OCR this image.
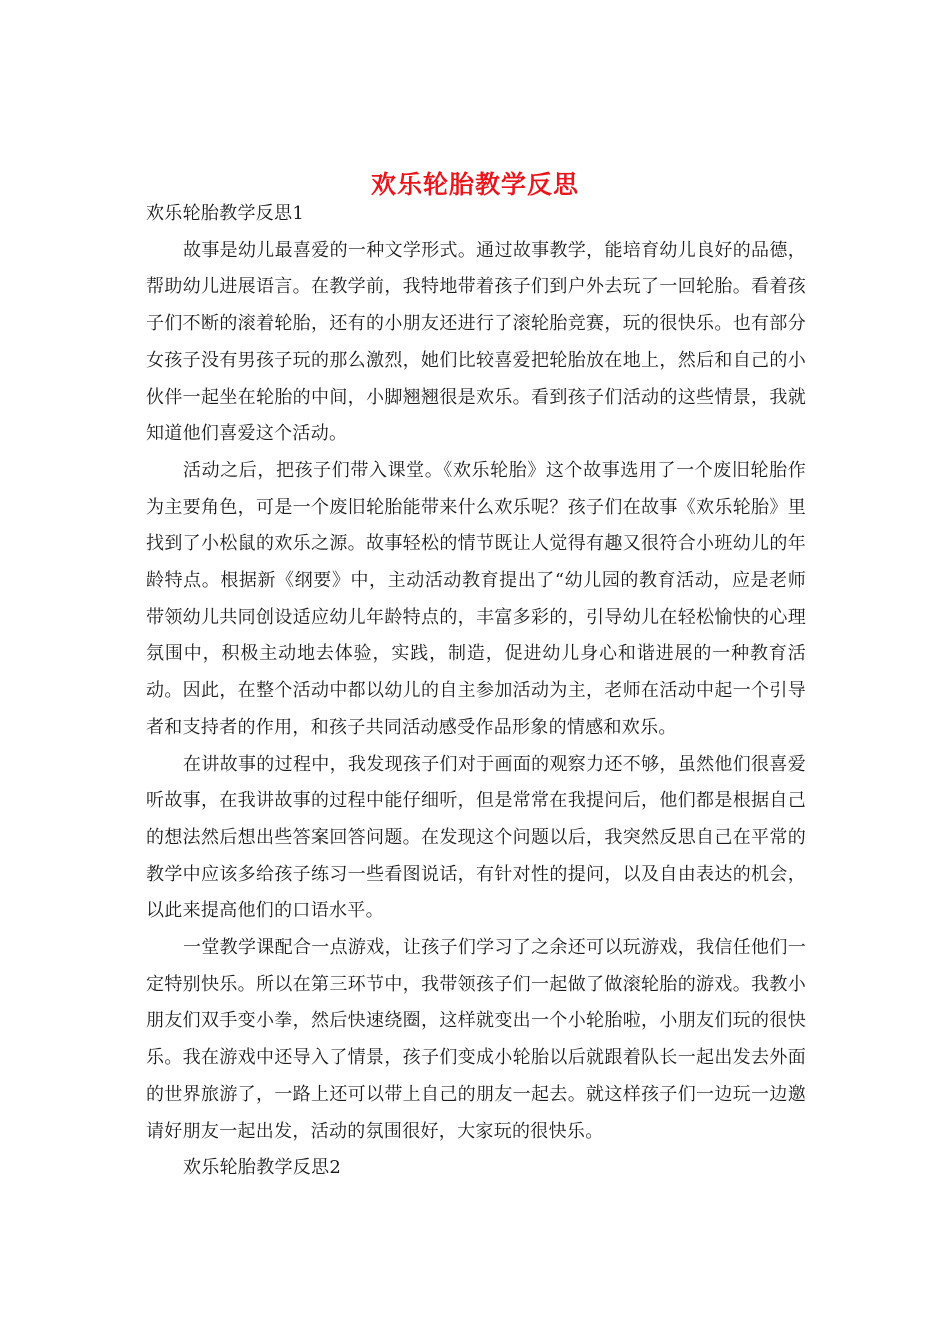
欢乐轮胎教学反思

欢乐轮胎教学反思1

故事是幼儿最喜爱的一种文学形式。通过故事教学，能培育幼儿良好的品德，帮助幼儿进展语言。在教学前，我特地带着孩子们到户外去玩了一回轮胎。看着孩子们不断的滚着轮胎，还有的小朋友还进行了滚轮胎竞赛，玩的很快乐。也有部分女孩子没有男孩子玩的那么激烈，她们比较喜爱把轮胎放在地上，然后和自己的小伙伴一起坐在轮胎的中间，小脚翘翘很是欢乐。看到孩子们活动的这些情景，我就知道他们喜爱这个活动。

活动之后，把孩子们带入课堂。《欢乐轮胎》这个故事选用了一个废旧轮胎作为主要角色，可是一个废旧轮胎能带来什么欢乐呢？孩子们在故事《欢乐轮胎》里找到了小松鼠的欢乐之源。故事轻松的情节既让人觉得有趣又很符合小班幼儿的年龄特点。根据新《纲要》中，主动活动教育提出了“幼儿园的教育活动，应是老师带领幼儿共同创设适应幼儿年龄特点的，丰富多彩的，引导幼儿在轻松愉快的心理氛围中，积极主动地去体验，实践，制造，促进幼儿身心和谐进展的一种教育活动。因此，在整个活动中都以幼儿的自主参加活动为主，老师在活动中起一个引导者和支持者的作用，和孩子共同活动感受作品形象的情感和欢乐。

在讲故事的过程中，我发现孩子们对于画面的观察力还不够，虽然他们很喜爱听故事，在我讲故事的过程中能仔细听，但是常常在我提问后，他们都是根据自己的想法然后想出些答案回答问题。在发现这个问题以后，我突然反思自己在平常的教学中应该多给孩子练习一些看图说话，有针对性的提问，以及自由表达的机会，以此来提高他们的口语水平。

一堂教学课配合一点游戏，让孩子们学习了之余还可以玩游戏，我信任他们一定特别快乐。所以在第三环节中，我带领孩子们一起做了做滚轮胎的游戏。我教小朋友们双手变小拳，然后快速绕圈，这样就变出一个小轮胎啦，小朋友们玩的很快乐。我在游戏中还导入了情景，孩子们变成小轮胎以后就跟着队长一起出发去外面的世界旅游了，一路上还可以带上自己的朋友一起去。就这样孩子们一边玩一边邀请好朋友一起出发，活动的氛围很好，大家玩的很快乐。

欢乐轮胎教学反思2
